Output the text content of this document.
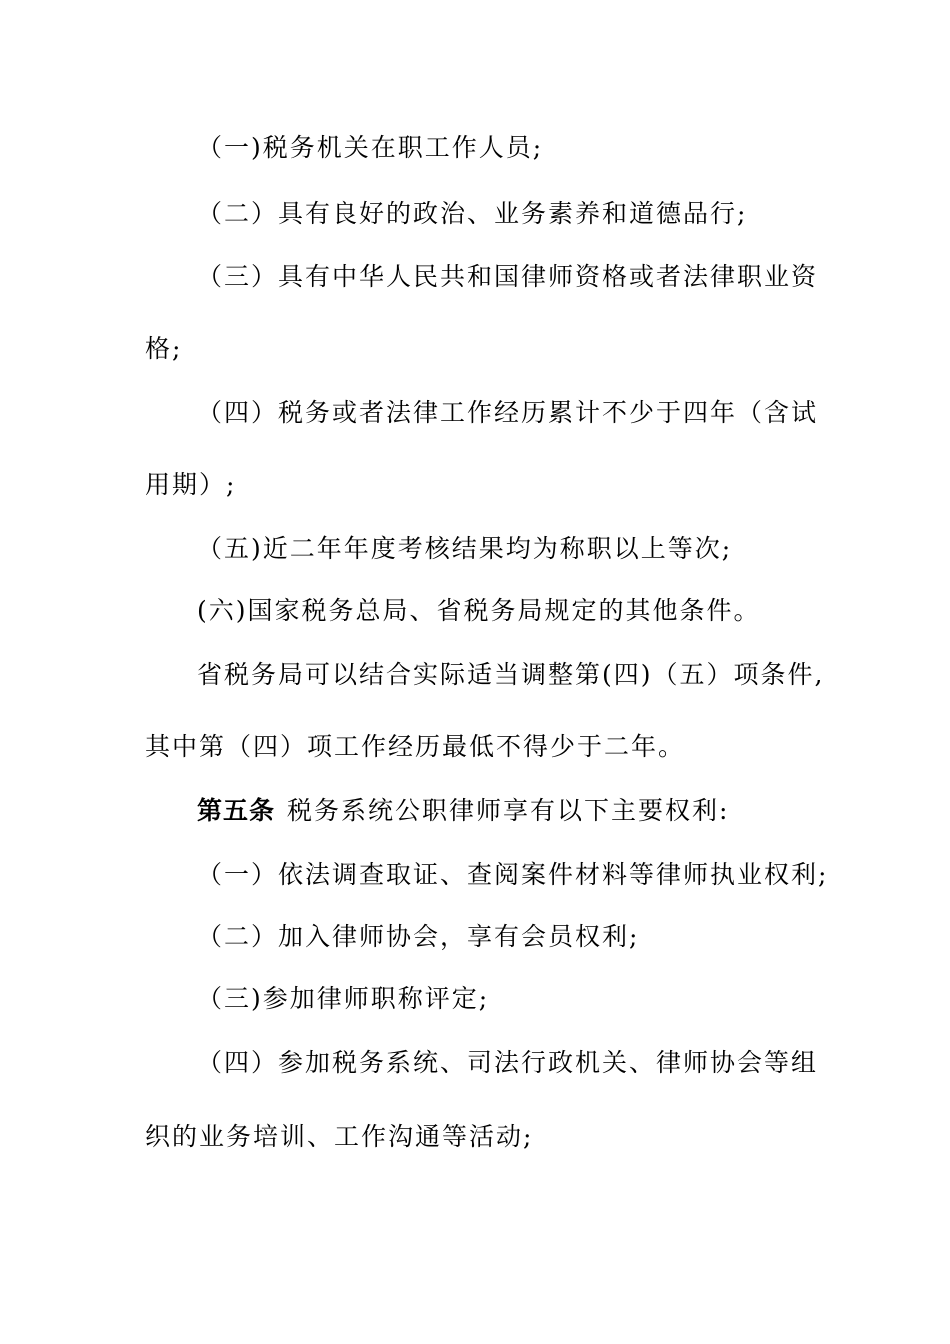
（一)税务机关在职工作人员;
（二）具有良好的政治、业务素养和道德品行;
（三）具有中华人民共和国律师资格或者法律职业资
格;
（四）税务或者法律工作经历累计不少于四年（含试
用期）;
（五)近二年年度考核结果均为称职以上等次;
(六)国家税务总局、省税务局规定的其他条件。
省税务局可以结合实际适当调整第(四)（五）项条件,
其中第（四）项工作经历最低不得少于二年。
第五条 税务系统公职律师享有以下主要权利:
（一）依法调查取证、查阅案件材料等律师执业权利;
（二）加入律师协会，享有会员权利;
（三)参加律师职称评定;
（四）参加税务系统、司法行政机关、律师协会等组
织的业务培训、工作沟通等活动;
